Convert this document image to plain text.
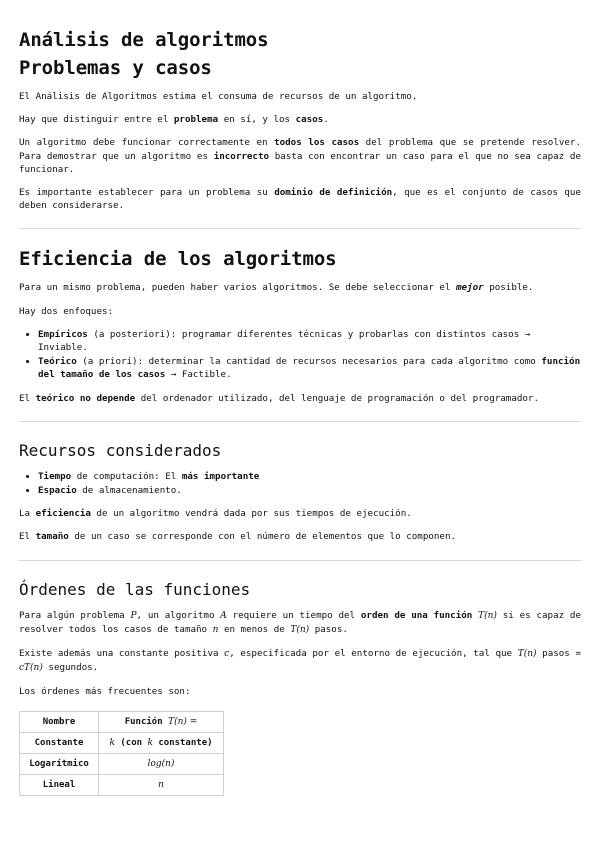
Análisis de algoritmos
Problemas y casos

El Análisis de Algoritmos estima el consuma de recursos de un algoritmo.

Hay que distinguir entre el problema en sí, y los casos.

Un algoritmo debe funcionar correctamente en todos los casos del problema que se pretende resolver. Para demostrar que un algoritmo es incorrecto basta con encontrar un caso para el que no sea capaz de funcionar.

Es importante establecer para un problema su dominio de definición, que es el conjunto de casos que deben considerarse.

Eficiencia de los algoritmos

Para un mismo problema, pueden haber varios algoritmos. Se debe seleccionar el mejor posible.

Hay dos enfoques:

• Empíricos (a posteriori): programar diferentes técnicas y probarlas con distintos casos → Inviable.
• Teórico (a priori): determinar la cantidad de recursos necesarios para cada algoritmo como función del tamaño de los casos → Factible.

El teórico no depende del ordenador utilizado, del lenguaje de programación o del programador.

Recursos considerados
• Tiempo de computación: El más importante
• Espacio de almacenamiento.

La eficiencia de un algoritmo vendrá dada por sus tiempos de ejecución.

El tamaño de un caso se corresponde con el número de elementos que lo componen.

Órdenes de las funciones

Para algún problema P, un algoritmo A requiere un tiempo del orden de una función T(n) si es capaz de resolver todos los casos de tamaño n en menos de T(n) pasos.

Existe además una constante positiva c, especificada por el entorno de ejecución, tal que T(n) pasos = cT(n) segundos.

Los órdenes más frecuentes son:

Nombre	Función T(n) =
Constante	k (con k constante)
Logarítmico	log(n)
Lineal	n
